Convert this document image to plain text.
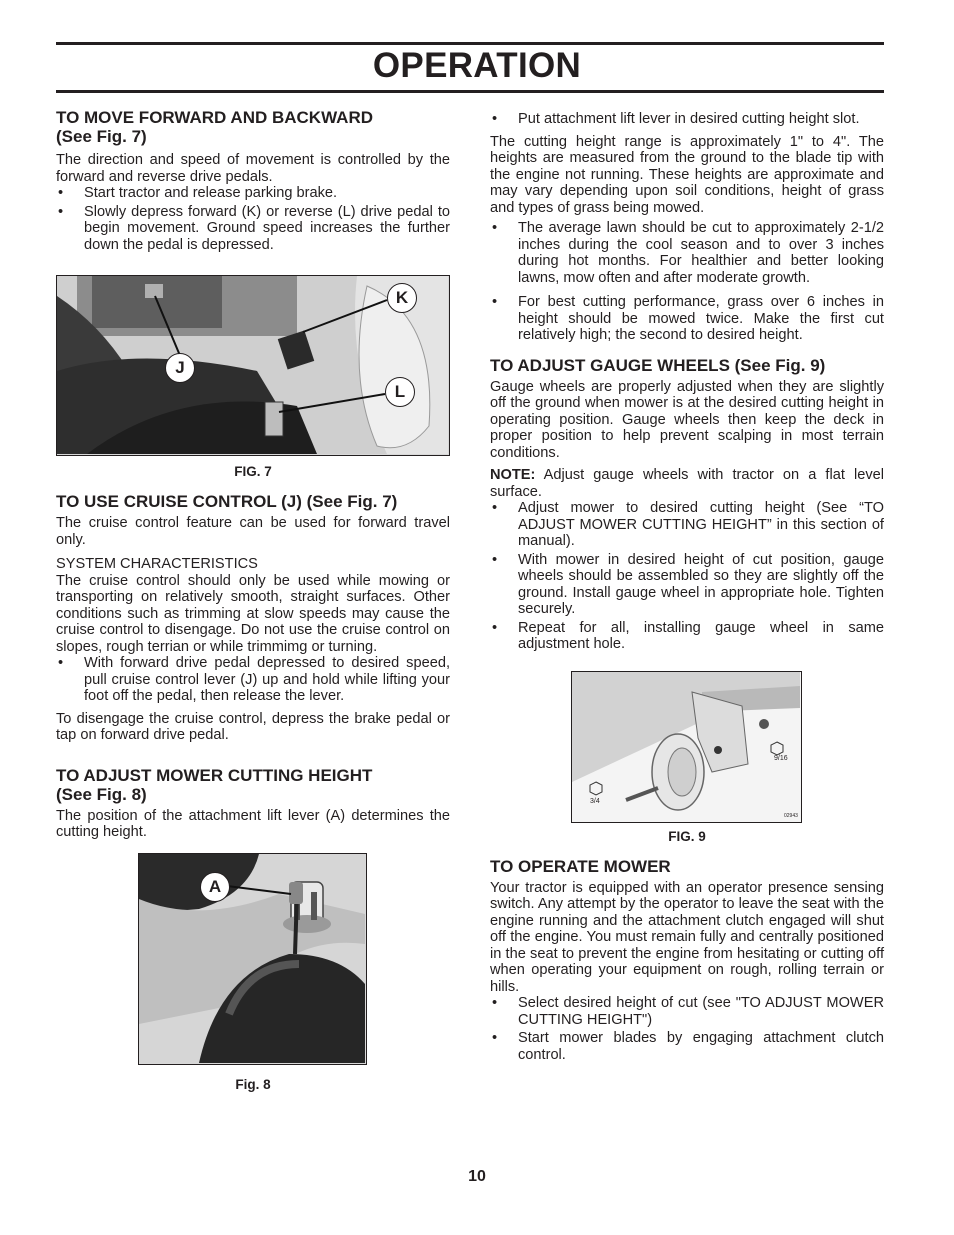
OPERATION
TO MOVE FORWARD AND BACKWARD
(See Fig. 7)

The direction and speed of movement is controlled by the forward and reverse drive pedals.

• Start tractor and release parking brake.
• Slowly depress forward (K) or reverse (L) drive pedal to begin movement. Ground speed increases the further down the pedal is depressed.
K
J
L
FIG. 7
TO USE CRUISE CONTROL (J) (See Fig. 7)

The cruise control feature can be used for forward travel only.

SYSTEM CHARACTERISTICS

The cruise control should only be used while mowing or transporting on relatively smooth, straight surfaces. Other conditions such as trimming at slow speeds may cause the cruise control to disengage. Do not use the cruise control on slopes, rough terrian or while trimmimg or turning.

• With forward drive pedal depressed to desired speed, pull cruise control lever (J) up and hold while lifting your foot off the pedal, then release the lever.

To disengage the cruise control, depress the brake pedal or tap on forward drive pedal.

TO ADJUST MOWER CUTTING HEIGHT
(See Fig. 8)

The position of the attachment lift lever (A) determines the cutting height.

A
Fig. 8
• Put attachment lift lever in desired cutting height slot.

The cutting height range is approximately 1" to 4". The heights are measured from the ground to the blade tip with the engine not running. These heights are approximate and may vary depending upon soil conditions, height of grass and types of grass being mowed.

• The average lawn should be cut to approximately 2-1/2 inches during the cool season and to over 3 inches during hot months. For healthier and better looking lawns, mow often and after moderate growth.
• For best cutting performance, grass over 6 inches in height should be mowed twice. Make the first cut relatively high; the second to desired height.
TO ADJUST GAUGE WHEELS (See Fig. 9)

Gauge wheels are properly adjusted when they are slightly off the ground when mower is at the desired cutting height in operating position. Gauge wheels then keep the deck in proper position to help prevent scalping in most terrain conditions.

NOTE: Adjust gauge wheels with tractor on a flat level surface.

• Adjust mower to desired cutting height (See “TO ADJUST MOWER CUTTING HEIGHT” in this section of manual).
• With mower in desired height of cut position, gauge wheels should be assembled so they are slightly off the ground. Install gauge wheel in appropriate hole. Tighten securely.
• Repeat for all, installing gauge wheel in same adjustment hole.
9/16
3/4
02943
FIG. 9
TO OPERATE MOWER

Your tractor is equipped with an operator presence sensing switch. Any attempt by the operator to leave the seat with the engine running and the attachment clutch engaged will shut off the engine. You must remain fully and centrally positioned in the seat to prevent the engine from hesitating or cutting off when operating your equipment on rough, rolling terrain or hills.

• Select desired height of cut (see "TO ADJUST MOWER CUTTING HEIGHT")
• Start mower blades by engaging attachment clutch control.
10
